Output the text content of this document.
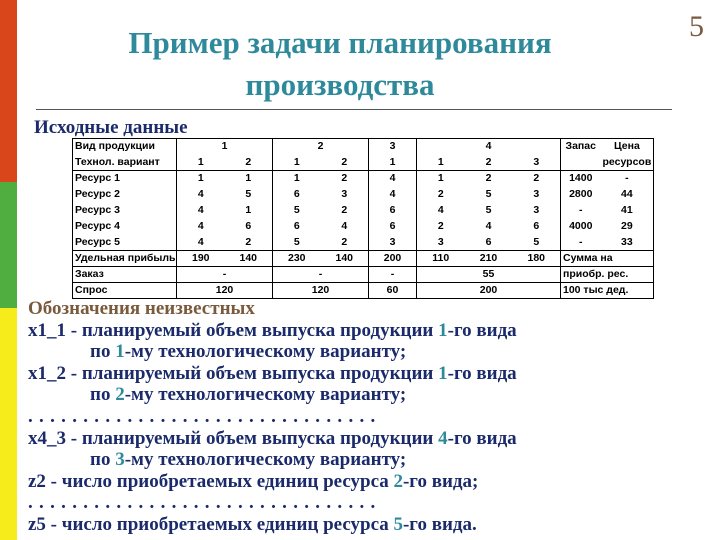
5
Пример задачи планирования
производства
Исходные данные
Вид продукции	1		2		3	4			Запас	Цена
Технол. вариант	1	2	1	2	1	1	2	3		ресурсов
Ресурс 1	1	1	1	2	4	1	2	2	1400	-
Ресурс 2	4	5	6	3	4	2	5	3	2800	44
Ресурс 3	4	1	5	2	6	4	5	3	-	41
Ресурс 4	4	6	6	4	6	2	4	6	4000	29
Ресурс 5	4	2	5	2	3	3	6	5	-	33
Удельная прибыль	190	140	230	140	200	110	210	180	Сумма на	
Заказ	-		-		-	55			приобр. рес.	
Спрос	120		120		60	200			100 тыс дед.	
Обозначения неизвестных
x1_1 - планируемый объем выпуска продукции 1-го вида
по 1-му технологическому варианту;
x1_2 - планируемый объем выпуска продукции 1-го вида
по 2-му технологическому варианту;
................................
x4_3 - планируемый объем выпуска продукции 4-го вида
по 3-му технологическому варианту;
z2 - число приобретаемых единиц ресурса 2-го вида;
................................
z5 - число приобретаемых единиц ресурса 5-го вида.
